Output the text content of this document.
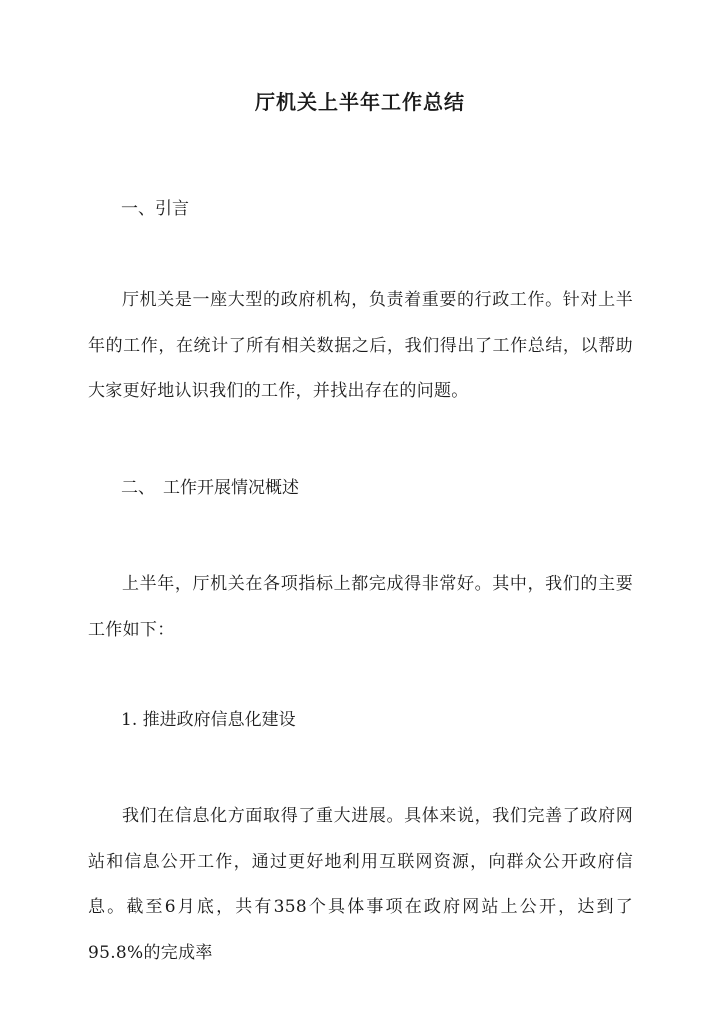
厅机关上半年工作总结
一、引言
厅机关是一座大型的政府机构，负责着重要的行政工作。针对上半年的工作，在统计了所有相关数据之后，我们得出了工作总结，以帮助大家更好地认识我们的工作，并找出存在的问题。
二、 工作开展情况概述
上半年，厅机关在各项指标上都完成得非常好。其中，我们的主要工作如下：
1. 推进政府信息化建设
我们在信息化方面取得了重大进展。具体来说，我们完善了政府网站和信息公开工作，通过更好地利用互联网资源，向群众公开政府信息。截至6月底，共有358个具体事项在政府网站上公开，达到了95.8%的完成率
